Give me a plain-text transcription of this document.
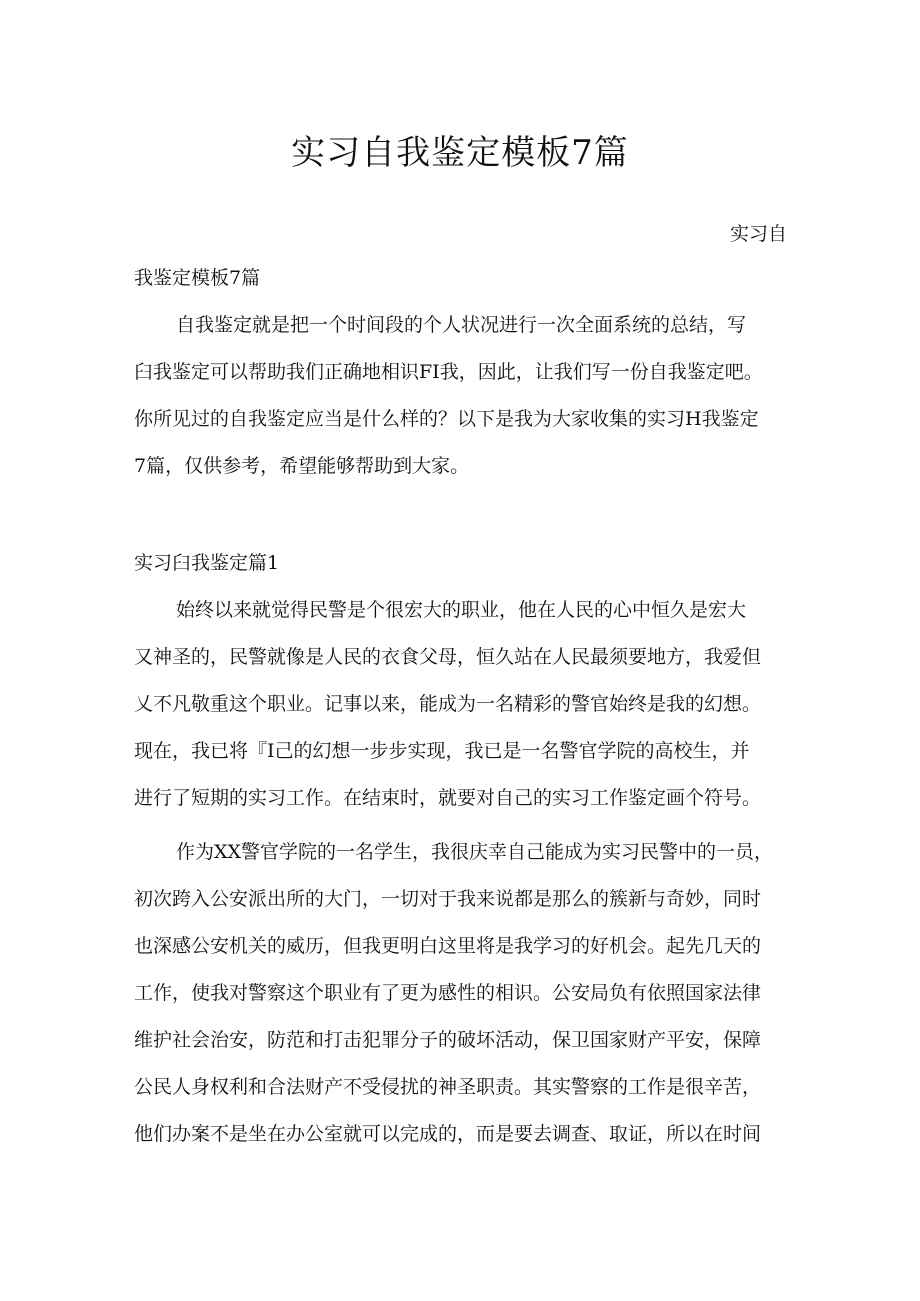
实习自我鉴定模板7篇
实习自

我鉴定模板7篇

自我鉴定就是把一个时间段的个人状况进行一次全面系统的总结，写

臼我鉴定可以帮助我们正确地相识FI我，因此，让我们写一份自我鉴定吧。

你所见过的自我鉴定应当是什么样的？以下是我为大家收集的实习H我鉴定

7篇，仅供参考，希望能够帮助到大家。

实习臼我鉴定篇1

始终以来就觉得民警是个很宏大的职业，他在人民的心中恒久是宏大

又神圣的，民警就像是人民的衣食父母，恒久站在人民最须要地方，我爱但

乂不凡敬重这个职业。记事以来，能成为一名精彩的警官始终是我的幻想。

现在，我已将『I己的幻想一步步实现，我已是一名警官学院的高校生，并

进行了短期的实习工作。在结束时，就要对自己的实习工作鉴定画个符号。

作为XX警官学院的一名学生，我很庆幸自己能成为实习民警中的一员，

初次跨入公安派出所的大门，一切对于我来说都是那么的簇新与奇妙，同时

也深感公安机关的威历，但我更明白这里将是我学习的好机会。起先几天的

工作，使我对警察这个职业有了更为感性的相识。公安局负有依照国家法律

维护社会治安，防范和打击犯罪分子的破坏活动，保卫国家财产平安，保障

公民人身权利和合法财产不受侵扰的神圣职责。其实警察的工作是很辛苦，

他们办案不是坐在办公室就可以完成的，而是要去调查、取证，所以在时间
